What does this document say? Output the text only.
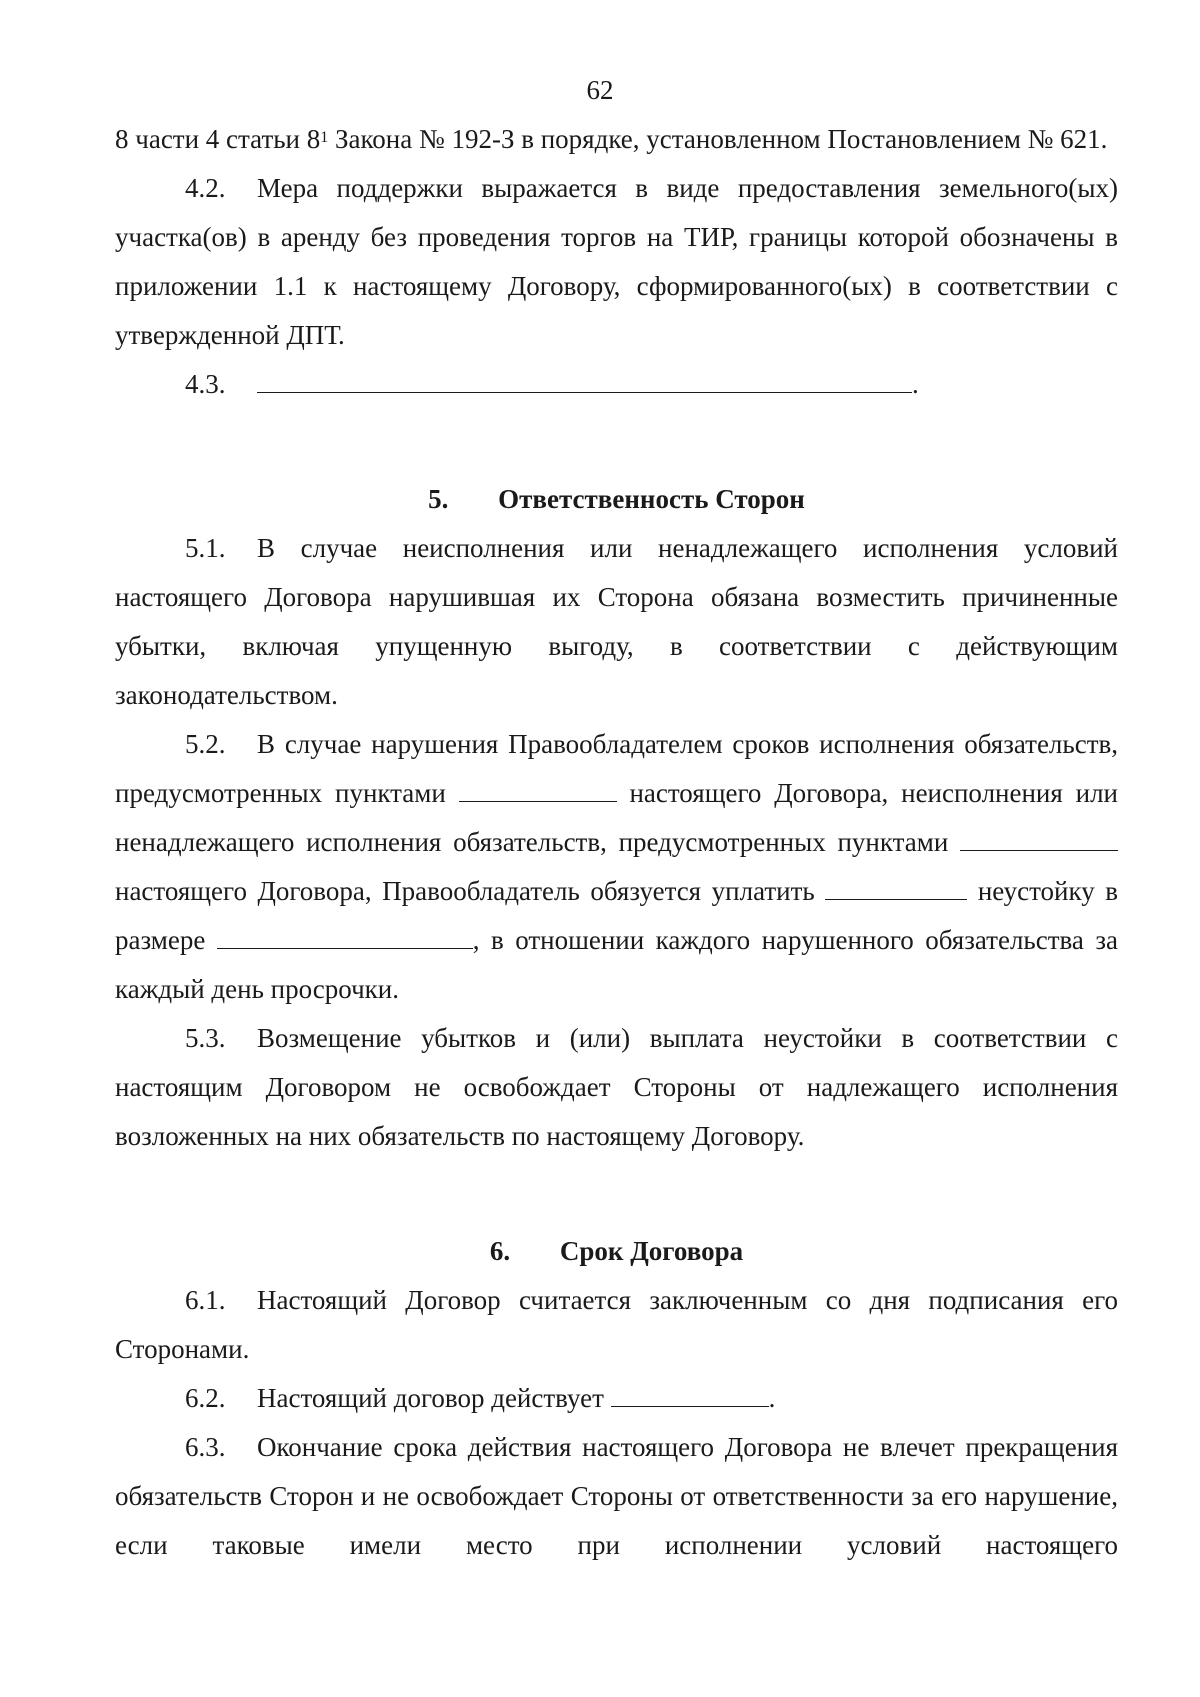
62

8 части 4 статьи $8^1$ Закона № 192-З в порядке, установленном Постановлением № 621.

4.2. Мера поддержки выражается в виде предоставления земельного(ых) участка(ов) в аренду без проведения торгов на ТИР, границы которой обозначены в приложении 1.1 к настоящему Договору, сформированного(ых) в соответствии с утвержденной ДПТ.

4.3.	.

5. Ответственность Сторон

5.1. В случае неисполнения или ненадлежащего исполнения условий настоящего Договора нарушившая их Сторона обязана возместить причиненные убытки, включая упущенную выгоду, в соответствии с действующим законодательством.

5.2. В случае нарушения Правообладателем сроков исполнения обязательств, предусмотренных пунктами	настоящего Договора, неисполнения или ненадлежащего исполнения обязательств, предусмотренных пунктами  настоящего Договора, Правообладатель обязуется уплатить	неустойку в размере	, в отношении каждого нарушенного обязательства за каждый день просрочки.

5.3. Возмещение убытков и (или) выплата неустойки в соответствии с настоящим Договором не освобождает Стороны от надлежащего исполнения возложенных на них обязательств по настоящему Договору.

6. Срок Договора

6.1. Настоящий Договор считается заключенным со дня подписания его Сторонами.

6.2. Настоящий договор действует	.

6.3. Окончание срока действия настоящего Договора не влечет прекращения обязательств Сторон и не освобождает Стороны от ответственности за его нарушение, если таковые имели место при исполнении условий настоящего
